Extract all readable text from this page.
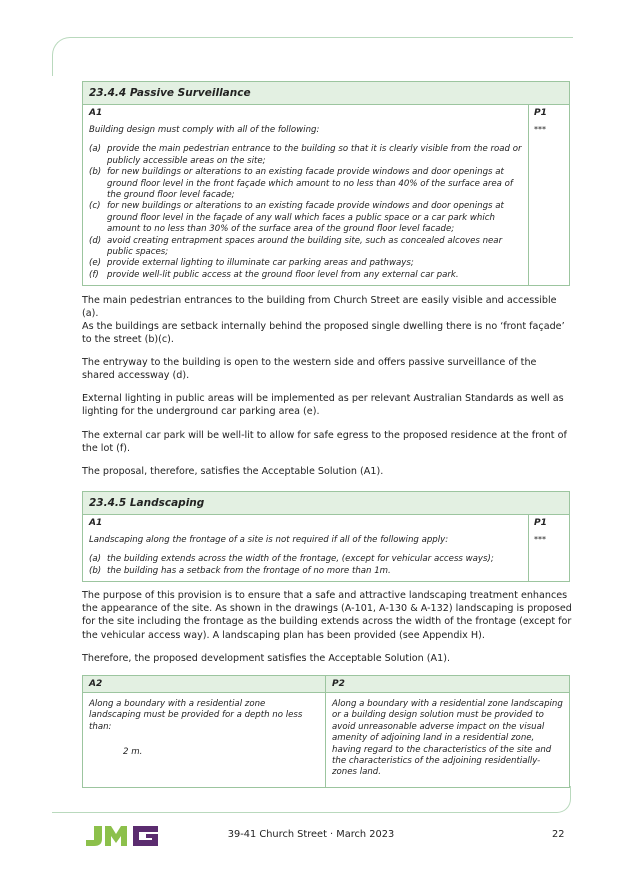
23.4.4 Passive Surveillance
A1
Building design must comply with all of the following:
(a) provide the main pedestrian entrance to the building so that it is clearly visible from the road or publicly accessible areas on the site;
(b) for new buildings or alterations to an existing facade provide windows and door openings at ground floor level in the front façade which amount to no less than 40% of the surface area of the ground floor level facade;
(c) for new buildings or alterations to an existing facade provide windows and door openings at ground floor level in the façade of any wall which faces a public space or a car park which amount to no less than 30% of the surface area of the ground floor level facade;
(d) avoid creating entrapment spaces around the building site, such as concealed alcoves near public spaces;
(e) provide external lighting to illuminate car parking areas and pathways;
(f) provide well-lit public access at the ground floor level from any external car park.
P1
***
The main pedestrian entrances to the building from Church Street are easily visible and accessible (a).
As the buildings are setback internally behind the proposed single dwelling there is no ‘front façade’ to the street (b)(c).
The entryway to the building is open to the western side and offers passive surveillance of the shared accessway (d).
External lighting in public areas will be implemented as per relevant Australian Standards as well as lighting for the underground car parking area (e).
The external car park will be well-lit to allow for safe egress to the proposed residence at the front of the lot (f).
The proposal, therefore, satisfies the Acceptable Solution (A1).
23.4.5 Landscaping
A1
Landscaping along the frontage of a site is not required if all of the following apply:
(a) the building extends across the width of the frontage, (except for vehicular access ways);
(b) the building has a setback from the frontage of no more than 1m.
P1
***
The purpose of this provision is to ensure that a safe and attractive landscaping treatment enhances the appearance of the site. As shown in the drawings (A-101, A-130 & A-132) landscaping is proposed for the site including the frontage as the building extends across the width of the frontage (except for the vehicular access way). A landscaping plan has been provided (see Appendix H).
Therefore, the proposed development satisfies the Acceptable Solution (A1).
A2
Along a boundary with a residential zone landscaping must be provided for a depth no less than:
2 m.
P2
Along a boundary with a residential zone landscaping or a building design solution must be provided to avoid unreasonable adverse impact on the visual amenity of adjoining land in a residential zone, having regard to the characteristics of the site and the characteristics of the adjoining residentially-zones land.
39-41 Church Street · March 2023	22
